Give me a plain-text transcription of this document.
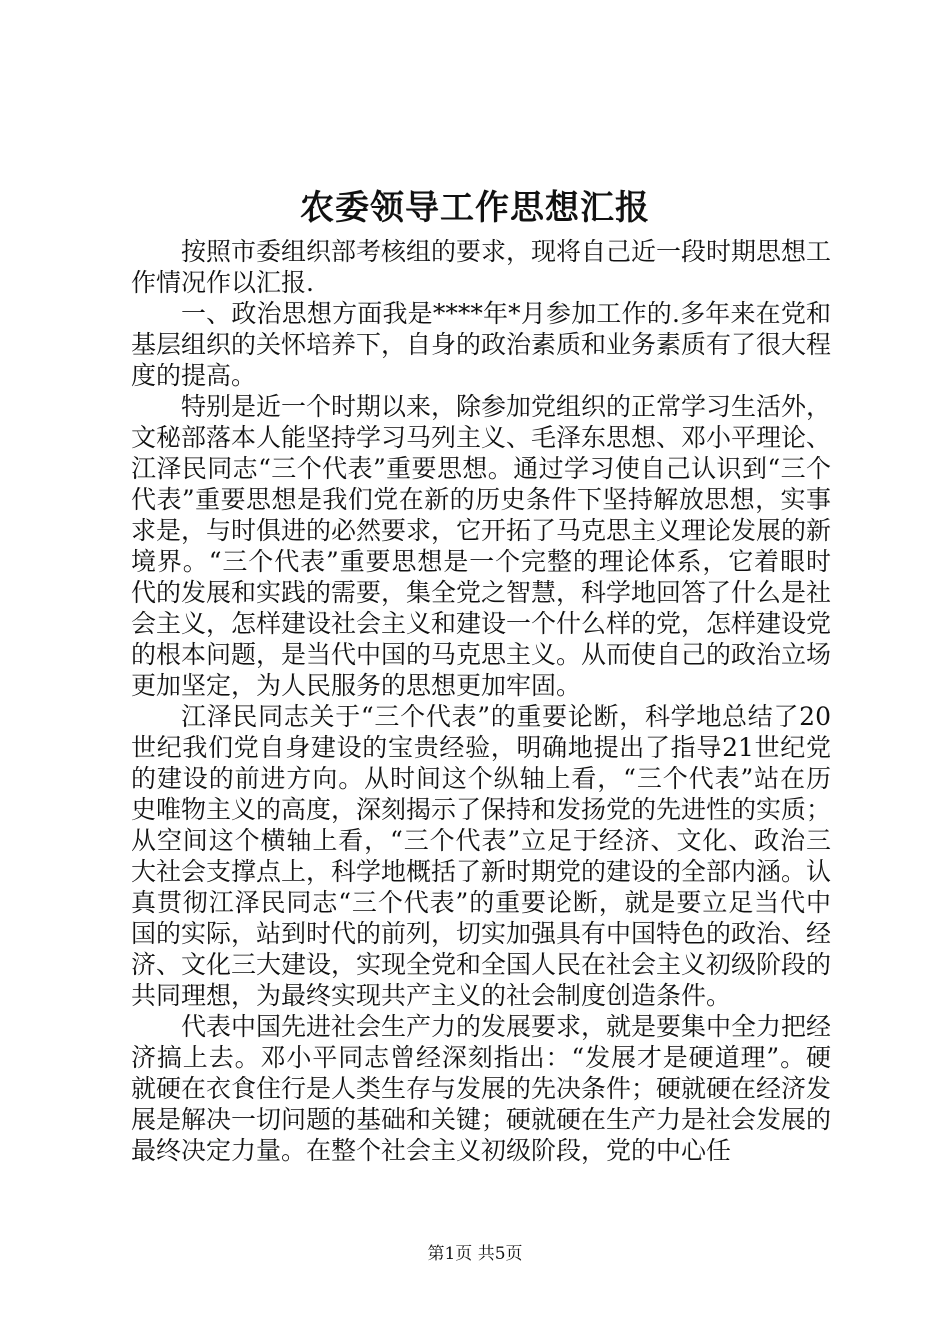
农委领导工作思想汇报

按照市委组织部考核组的要求，现将自己近一段时期思想工作情况作以汇报.

一、政治思想方面我是****年*月参加工作的.多年来在党和基层组织的关怀培养下，自身的政治素质和业务素质有了很大程度的提高。

特别是近一个时期以来，除参加党组织的正常学习生活外，文秘部落本人能坚持学习马列主义、毛泽东思想、邓小平理论、江泽民同志“三个代表”重要思想。通过学习使自己认识到“三个代表”重要思想是我们党在新的历史条件下坚持解放思想，实事求是，与时俱进的必然要求，它开拓了马克思主义理论发展的新境界。“三个代表”重要思想是一个完整的理论体系，它着眼时代的发展和实践的需要，集全党之智慧，科学地回答了什么是社会主义，怎样建设社会主义和建设一个什么样的党，怎样建设党的根本问题，是当代中国的马克思主义。从而使自己的政治立场更加坚定，为人民服务的思想更加牢固。

江泽民同志关于“三个代表”的重要论断，科学地总结了20世纪我们党自身建设的宝贵经验，明确地提出了指导21世纪党的建设的前进方向。从时间这个纵轴上看，“三个代表”站在历史唯物主义的高度，深刻揭示了保持和发扬党的先进性的实质；从空间这个横轴上看，“三个代表”立足于经济、文化、政治三大社会支撑点上，科学地概括了新时期党的建设的全部内涵。认真贯彻江泽民同志“三个代表”的重要论断，就是要立足当代中国的实际，站到时代的前列，切实加强具有中国特色的政治、经济、文化三大建设，实现全党和全国人民在社会主义初级阶段的共同理想，为最终实现共产主义的社会制度创造条件。

代表中国先进社会生产力的发展要求，就是要集中全力把经济搞上去。邓小平同志曾经深刻指出：“发展才是硬道理”。硬就硬在衣食住行是人类生存与发展的先决条件；硬就硬在经济发展是解决一切问题的基础和关键；硬就硬在生产力是社会发展的最终决定力量。在整个社会主义初级阶段，党的中心任

第1页 共5页
